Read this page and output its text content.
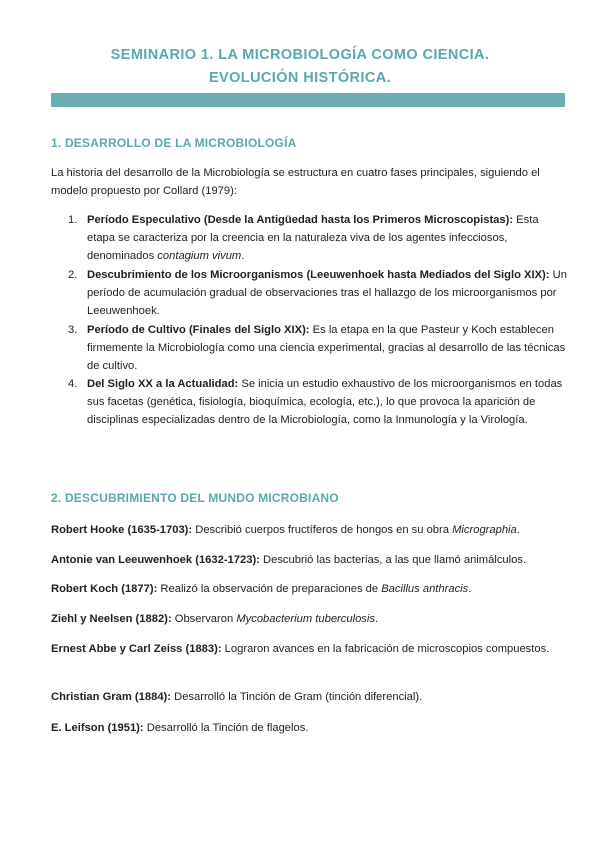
SEMINARIO 1. LA MICROBIOLOGÍA COMO CIENCIA.
EVOLUCIÓN HISTÓRICA.
1. DESARROLLO DE LA MICROBIOLOGÍA
La historia del desarrollo de la Microbiología se estructura en cuatro fases principales, siguiendo el modelo propuesto por Collard (1979):
1. Período Especulativo (Desde la Antigüedad hasta los Primeros Microscopistas): Esta etapa se caracteriza por la creencia en la naturaleza viva de los agentes infecciosos, denominados contagium vivum.
2. Descubrimiento de los Microorganismos (Leeuwenhoek hasta Mediados del Siglo XIX): Un período de acumulación gradual de observaciones tras el hallazgo de los microorganismos por Leeuwenhoek.
3. Período de Cultivo (Finales del Siglo XIX): Es la etapa en la que Pasteur y Koch establecen firmemente la Microbiología como una ciencia experimental, gracias al desarrollo de las técnicas de cultivo.
4. Del Siglo XX a la Actualidad: Se inicia un estudio exhaustivo de los microorganismos en todas sus facetas (genética, fisiología, bioquímica, ecología, etc.), lo que provoca la aparición de disciplinas especializadas dentro de la Microbiología, como la Inmunología y la Virología.
2. DESCUBRIMIENTO DEL MUNDO MICROBIANO
Robert Hooke (1635-1703): Describió cuerpos fructíferos de hongos en su obra Micrographia.
Antonie van Leeuwenhoek (1632-1723): Descubrió las bacterias, a las que llamó animálculos.
Robert Koch (1877): Realizó la observación de preparaciones de Bacillus anthracis.
Ziehl y Neelsen (1882): Observaron Mycobacterium tuberculosis.
Ernest Abbe y Carl Zeiss (1883): Lograron avances en la fabricación de microscopios compuestos.
Christian Gram (1884): Desarrolló la Tinción de Gram (tinción diferencial).
E. Leifson (1951): Desarrolló la Tinción de flagelos.
